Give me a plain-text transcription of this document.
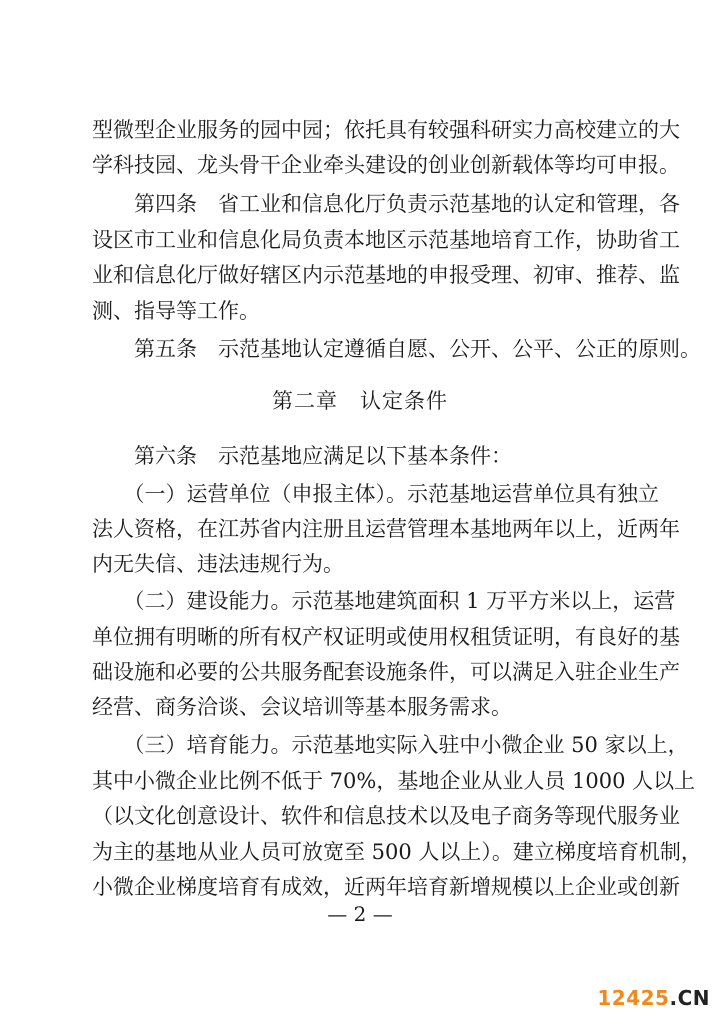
型微型企业服务的园中园；依托具有较强科研实力高校建立的大
学科技园、龙头骨干企业牵头建设的创业创新载体等均可申报。
　　第四条　省工业和信息化厅负责示范基地的认定和管理，各
设区市工业和信息化局负责本地区示范基地培育工作，协助省工
业和信息化厅做好辖区内示范基地的申报受理、初审、推荐、监
测、指导等工作。
　　第五条　示范基地认定遵循自愿、公开、公平、公正的原则。
第二章　认定条件
　　第六条　示范基地应满足以下基本条件：
　　（一）运营单位（申报主体）。示范基地运营单位具有独立
法人资格，在江苏省内注册且运营管理本基地两年以上，近两年
内无失信、违法违规行为。
　　（二）建设能力。示范基地建筑面积 1 万平方米以上，运营
单位拥有明晰的所有权产权证明或使用权租赁证明，有良好的基
础设施和必要的公共服务配套设施条件，可以满足入驻企业生产
经营、商务洽谈、会议培训等基本服务需求。
　　（三）培育能力。示范基地实际入驻中小微企业 50 家以上，
其中小微企业比例不低于 70%，基地企业从业人员 1000 人以上
（以文化创意设计、软件和信息技术以及电子商务等现代服务业
为主的基地从业人员可放宽至 500 人以上）。建立梯度培育机制，
小微企业梯度培育有成效，近两年培育新增规模以上企业或创新
— 2 —
12425.CN
